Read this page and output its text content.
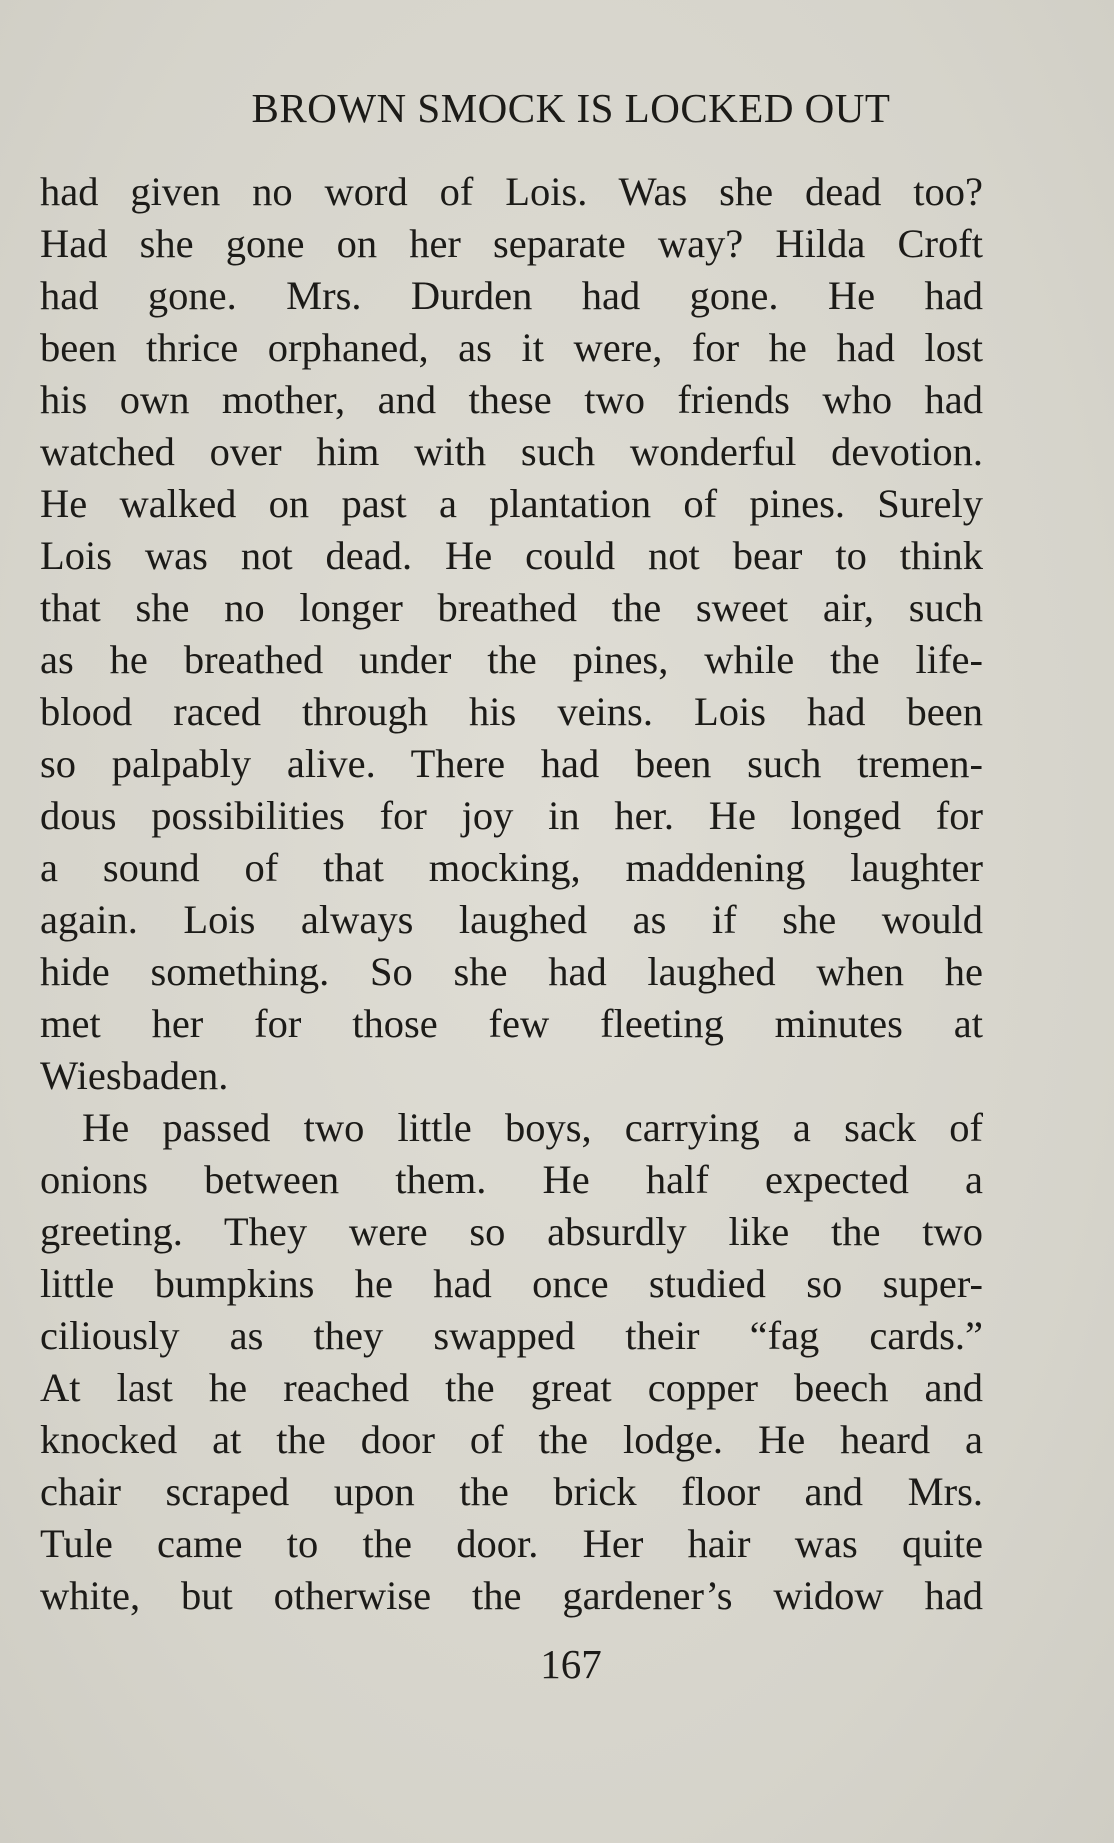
BROWN SMOCK IS LOCKED OUT
had given no word of Lois. Was she dead too?
Had she gone on her separate way? Hilda Croft
had gone. Mrs. Durden had gone. He had
been thrice orphaned, as it were, for he had lost
his own mother, and these two friends who had
watched over him with such wonderful devotion.
He walked on past a plantation of pines. Surely
Lois was not dead. He could not bear to think
that she no longer breathed the sweet air, such
as he breathed under the pines, while the life-
blood raced through his veins. Lois had been
so palpably alive. There had been such tremen-
dous possibilities for joy in her. He longed for
a sound of that mocking, maddening laughter
again. Lois always laughed as if she would
hide something. So she had laughed when he
met her for those few fleeting minutes at
Wiesbaden.
He passed two little boys, carrying a sack of
onions between them. He half expected a
greeting. They were so absurdly like the two
little bumpkins he had once studied so super-
ciliously as they swapped their “fag cards.”
At last he reached the great copper beech and
knocked at the door of the lodge. He heard a
chair scraped upon the brick floor and Mrs.
Tule came to the door. Her hair was quite
white, but otherwise the gardener’s widow had
167
